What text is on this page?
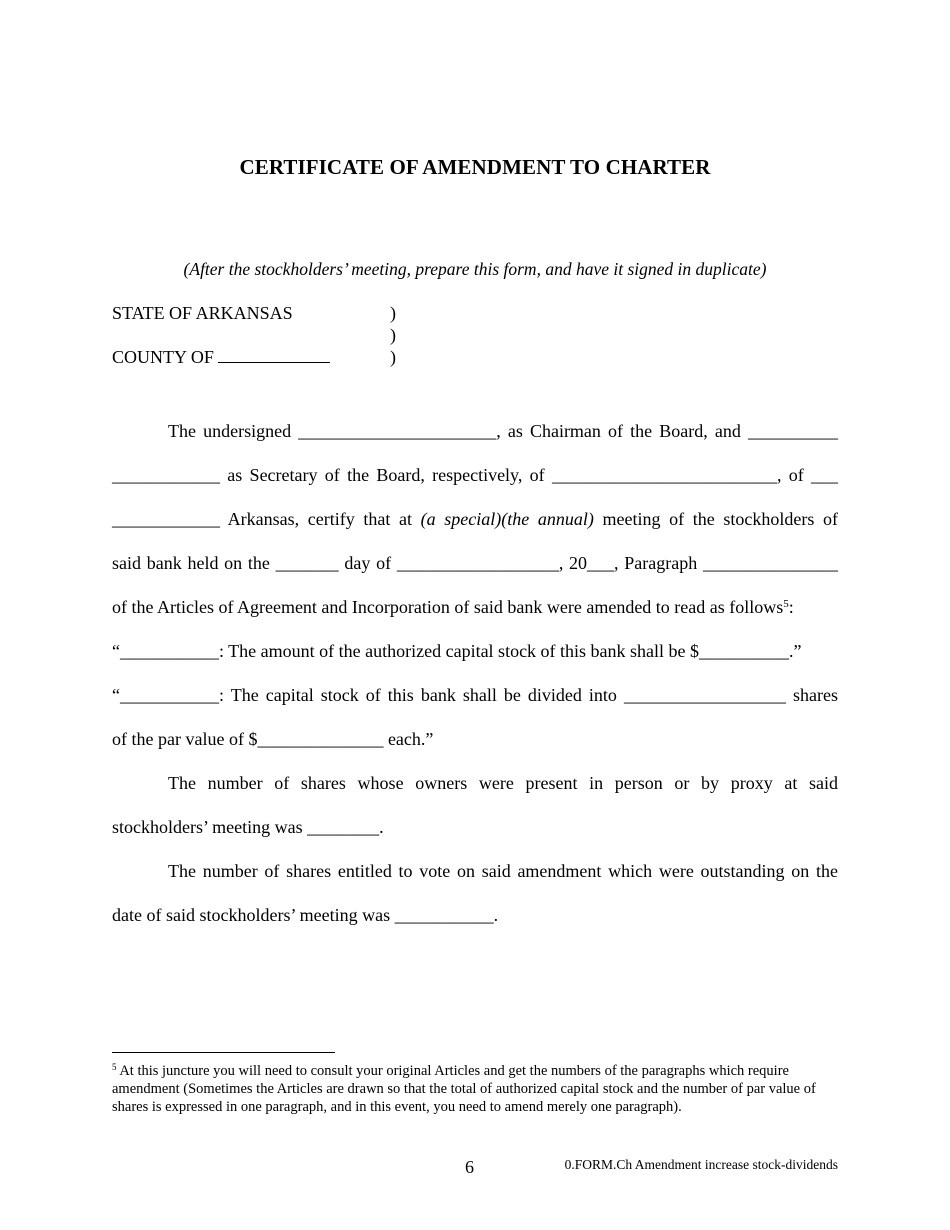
CERTIFICATE OF AMENDMENT TO CHARTER
(After the stockholders’ meeting, prepare this form, and have it signed in duplicate)
STATE OF ARKANSAS
COUNTY OF
)
)
)

The undersigned ______________________, as Chairman of the Board, and __________

____________ as Secretary of the Board, respectively, of _________________________, of ___

____________ Arkansas, certify that at (a special)(the annual) meeting of the stockholders of

said bank held on the _______ day of __________________, 20___, Paragraph _______________

of the Articles of Agreement and Incorporation of said bank were amended to read as follows$^5$:

“___________: The amount of the authorized capital stock of this bank shall be $__________.”

“___________: The capital stock of this bank shall be divided into __________________ shares

of the par value of $______________ each.”

The number of shares whose owners were present in person or by proxy at said

stockholders’ meeting was ________.

The number of shares entitled to vote on said amendment which were outstanding on the

date of said stockholders’ meeting was ___________.

$^5$ At this juncture you will need to consult your original Articles and get the numbers of the paragraphs which require amendment (Sometimes the Articles are drawn so that the total of authorized capital stock and the number of par value of shares is expressed in one paragraph, and in this event, you need to amend merely one paragraph).
6	0.FORM.Ch Amendment increase stock-dividends
